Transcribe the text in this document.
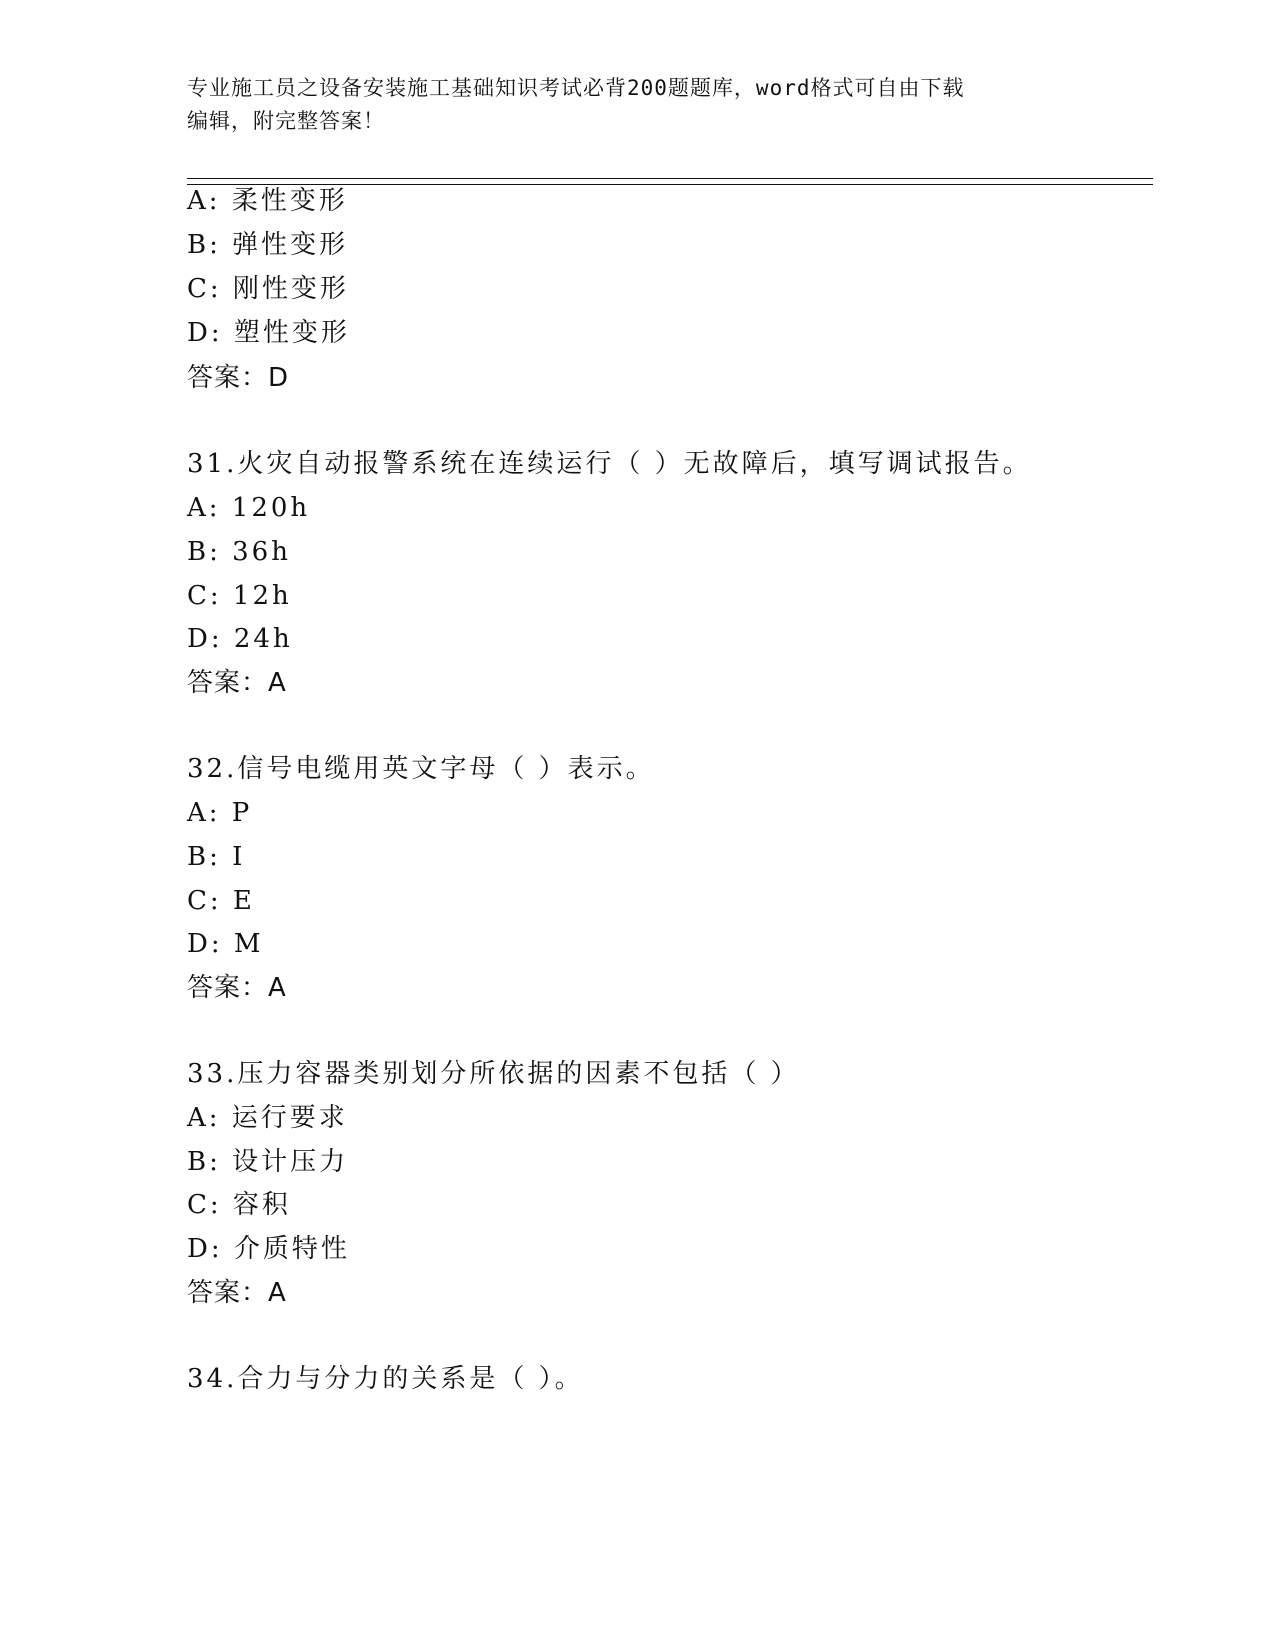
专业施工员之设备安装施工基础知识考试必背200题题库，word格式可自由下载
编辑，附完整答案！
A: 柔性变形
B: 弹性变形
C: 刚性变形
D: 塑性变形
答案：D
31.火灾自动报警系统在连续运行（ ）无故障后，填写调试报告。
A: 120h
B: 36h
C: 12h
D: 24h
答案：A
32.信号电缆用英文字母（ ）表示。
A: P
B: I
C: E
D: M
答案：A
33.压力容器类别划分所依据的因素不包括（ ）
A: 运行要求
B: 设计压力
C: 容积
D: 介质特性
答案：A
34.合力与分力的关系是（ ）。
